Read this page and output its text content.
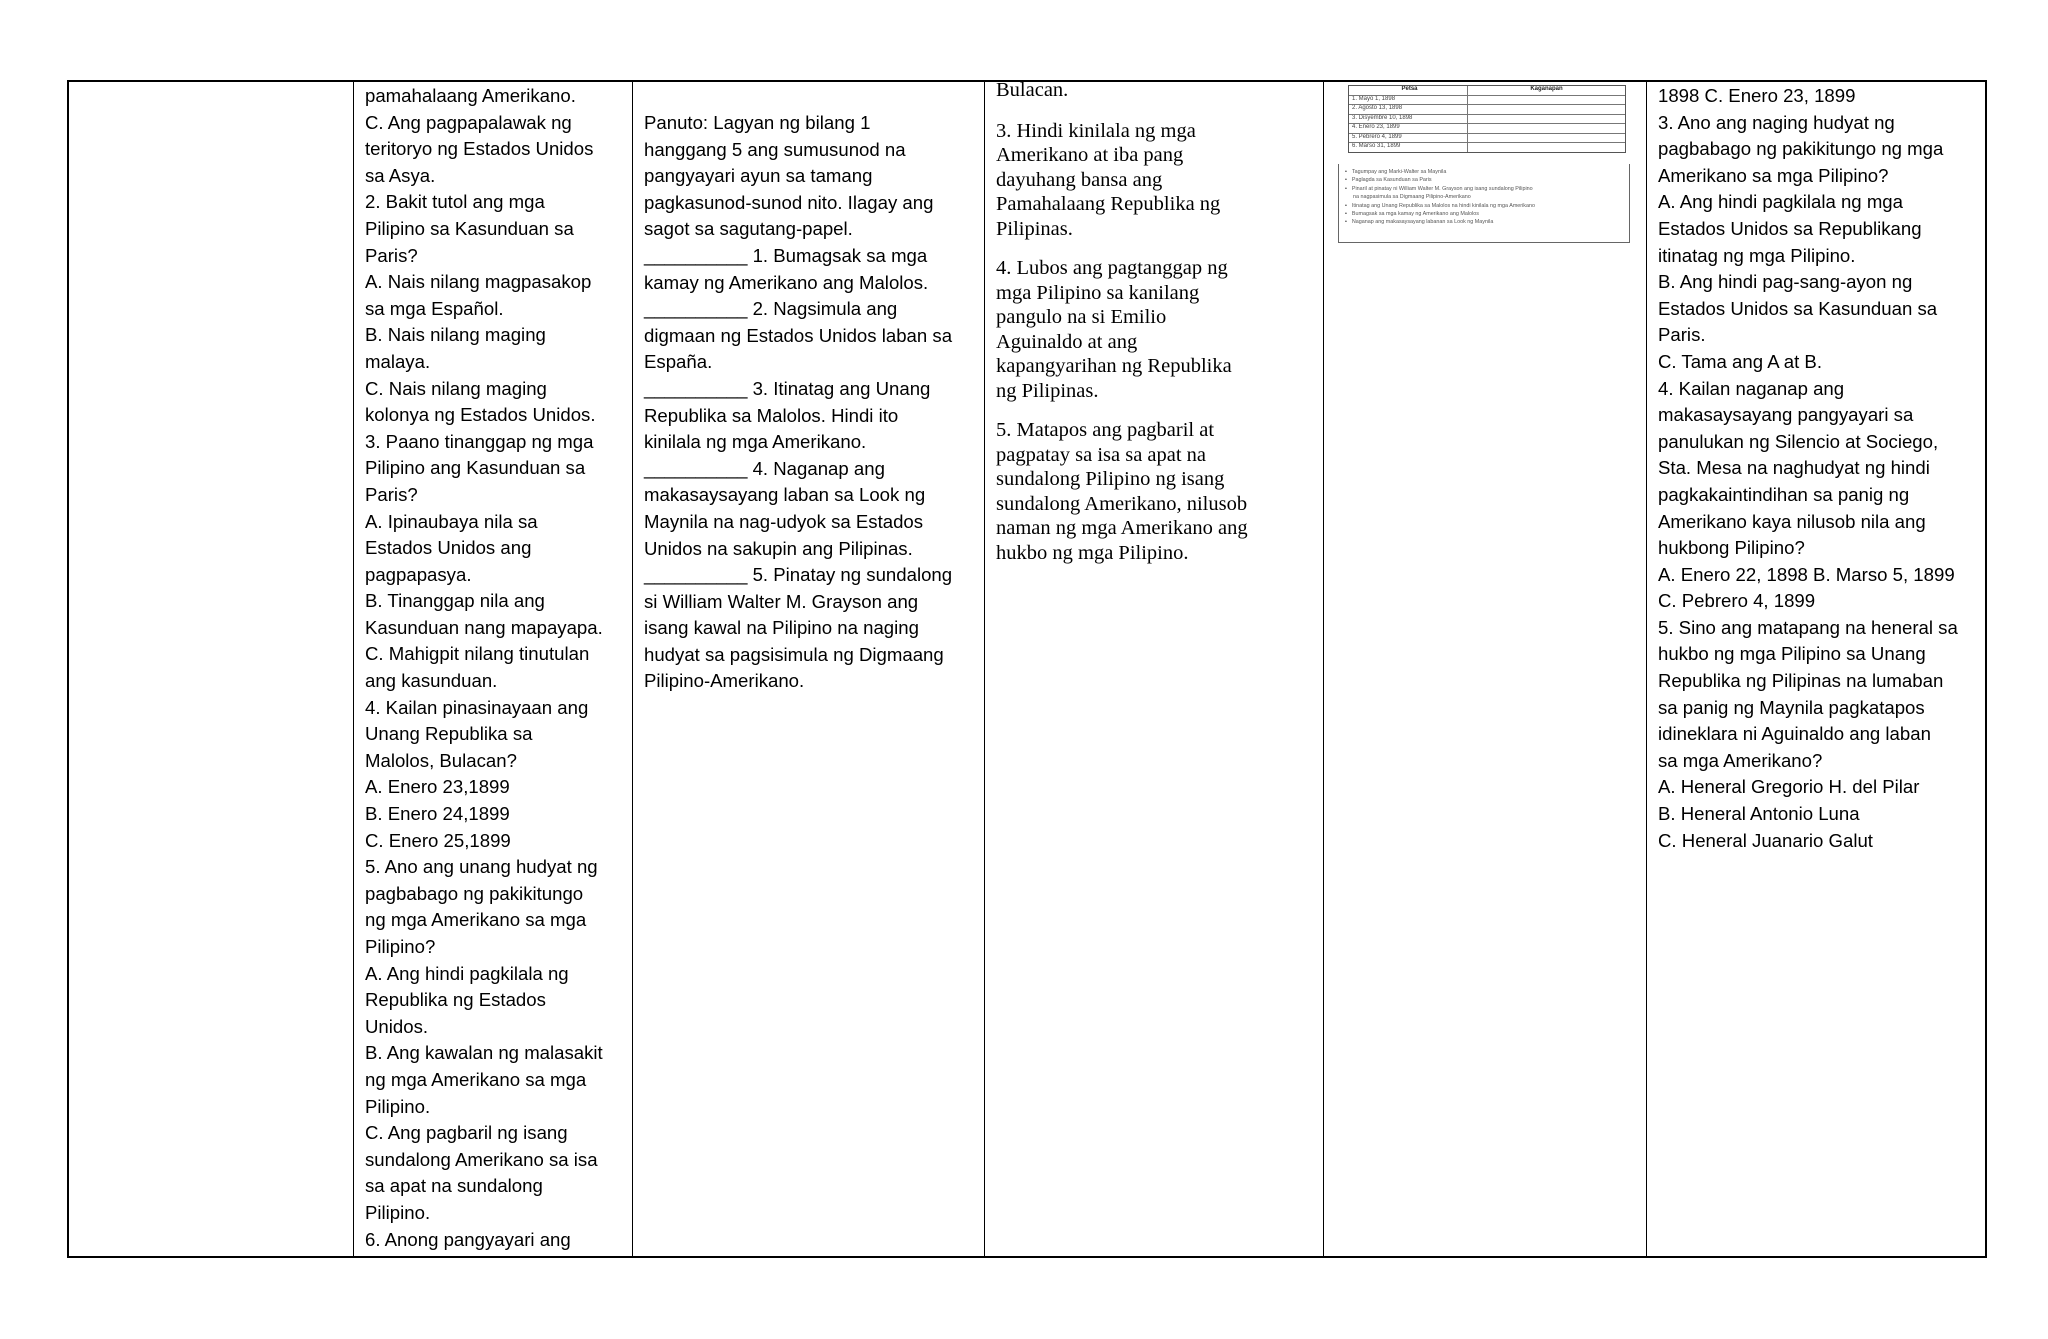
pamahalaang Amerikano.
C. Ang pagpapalawak ng
teritoryo ng Estados Unidos
sa Asya.
2. Bakit tutol ang mga
Pilipino sa Kasunduan sa
Paris?
A. Nais nilang magpasakop
sa mga Español.
B. Nais nilang maging
malaya.
C. Nais nilang maging
kolonya ng Estados Unidos.
3. Paano tinanggap ng mga
Pilipino ang Kasunduan sa
Paris?
A. Ipinaubaya nila sa
Estados Unidos ang
pagpapasya.
B. Tinanggap nila ang
Kasunduan nang mapayapa.
C. Mahigpit nilang tinutulan
ang kasunduan.
4. Kailan pinasinayaan ang
Unang Republika sa
Malolos, Bulacan?
A. Enero 23,1899
B. Enero 24,1899
C. Enero 25,1899
5. Ano ang unang hudyat ng
pagbabago ng pakikitungo
ng mga Amerikano sa mga
Pilipino?
A. Ang hindi pagkilala ng
Republika ng Estados
Unidos.
B. Ang kawalan ng malasakit
ng mga Amerikano sa mga
Pilipino.
C. Ang pagbaril ng isang
sundalong Amerikano sa isa
sa apat na sundalong
Pilipino.
6. Anong pangyayari ang
Panuto: Lagyan ng bilang 1
hanggang 5 ang sumusunod na
pangyayari ayun sa tamang
pagkasunod-sunod nito. Ilagay ang
sagot sa sagutang-papel.
__________ 1. Bumagsak sa mga
kamay ng Amerikano ang Malolos.
__________ 2. Nagsimula ang
digmaan ng Estados Unidos laban sa
España.
__________ 3. Itinatag ang Unang
Republika sa Malolos. Hindi ito
kinilala ng mga Amerikano.
__________ 4. Naganap ang
makasaysayang laban sa Look ng
Maynila na nag-udyok sa Estados
Unidos na sakupin ang Pilipinas.
__________ 5. Pinatay ng sundalong
si William Walter M. Grayson ang
isang kawal na Pilipino na naging
hudyat sa pagsisimula ng Digmaang
Pilipino-Amerikano.
Bulacan.
3. Hindi kinilala ng mga
Amerikano at iba pang
dayuhang bansa ang
Pamahalaang Republika ng
Pilipinas.
4. Lubos ang pagtanggap ng
mga Pilipino sa kanilang
pangulo na si Emilio
Aguinaldo at ang
kapangyarihan ng Republika
ng Pilipinas.
5. Matapos ang pagbaril at
pagpatay sa isa sa apat na
sundalong Pilipino ng isang
sundalong Amerikano, nilusob
naman ng mga Amerikano ang
hukbo ng mga Pilipino.
Petsa	Kaganapan
1. Mayo 1, 1898
2. Agosto 13, 1898
3. Disyembre 10, 1898
4. Enero 23, 1899
5. Pebrero 4, 1899
6. Marso 31, 1899
• Tagumpay ang Marki-Walter sa Maynila
• Paglagda sa Kasunduan sa Paris
• Pinaril at pinatay ni William Walter M. Grayson ang isang sundalong Pilipino
na nagpasimula sa Digmaang Pilipino-Amerikano
• Itinatag ang Unang Republika sa Malolos na hindi kinilala ng mga Amerikano
• Bumagsak sa mga kamay ng Amerikano ang Malolos
• Naganap ang makasaysayang labanan sa Look ng Maynila
1898 C. Enero 23, 1899
3. Ano ang naging hudyat ng
pagbabago ng pakikitungo ng mga
Amerikano sa mga Pilipino?
A. Ang hindi pagkilala ng mga
Estados Unidos sa Republikang
itinatag ng mga Pilipino.
B. Ang hindi pag-sang-ayon ng
Estados Unidos sa Kasunduan sa
Paris.
C. Tama ang A at B.
4. Kailan naganap ang
makasaysayang pangyayari sa
panulukan ng Silencio at Sociego,
Sta. Mesa na naghudyat ng hindi
pagkakaintindihan sa panig ng
Amerikano kaya nilusob nila ang
hukbong Pilipino?
A. Enero 22, 1898 B. Marso 5, 1899
C. Pebrero 4, 1899
5. Sino ang matapang na heneral sa
hukbo ng mga Pilipino sa Unang
Republika ng Pilipinas na lumaban
sa panig ng Maynila pagkatapos
idineklara ni Aguinaldo ang laban
sa mga Amerikano?
A. Heneral Gregorio H. del Pilar
B. Heneral Antonio Luna
C. Heneral Juanario Galut
